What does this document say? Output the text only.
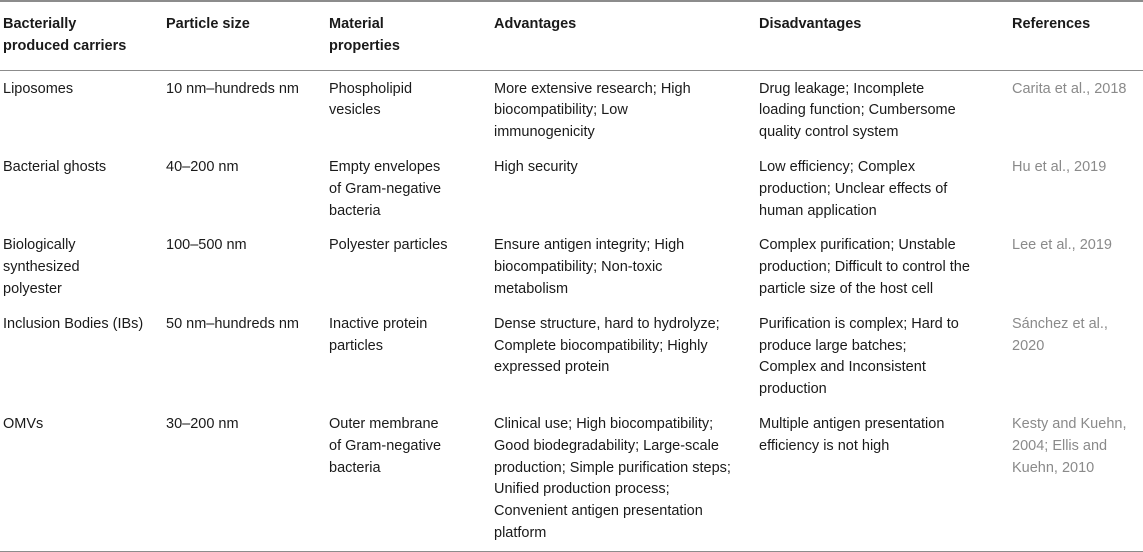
Bacterially produced carriers	Particle size	Material properties	Advantages	Disadvantages	References
Liposomes	10 nm–hundreds nm	Phospholipid vesicles	More extensive research; High biocompatibility; Low immunogenicity	Drug leakage; Incomplete loading function; Cumbersome quality control system	Carita et al., 2018
Bacterial ghosts	40–200 nm	Empty envelopes of Gram-negative bacteria	High security	Low efficiency; Complex production; Unclear effects of human application	Hu et al., 2019
Biologically synthesized polyester	100–500 nm	Polyester particles	Ensure antigen integrity; High biocompatibility; Non-toxic metabolism	Complex purification; Unstable production; Difficult to control the particle size of the host cell	Lee et al., 2019
Inclusion Bodies (IBs)	50 nm–hundreds nm	Inactive protein particles	Dense structure, hard to hydrolyze; Complete biocompatibility; Highly expressed protein	Purification is complex; Hard to produce large batches; Complex and Inconsistent production	Sánchez et al., 2020
OMVs	30–200 nm	Outer membrane of Gram-negative bacteria	Clinical use; High biocompatibility; Good biodegradability; Large-scale production; Simple purification steps; Unified production process; Convenient antigen presentation platform	Multiple antigen presentation efficiency is not high	Kesty and Kuehn, 2004; Ellis and Kuehn, 2010
